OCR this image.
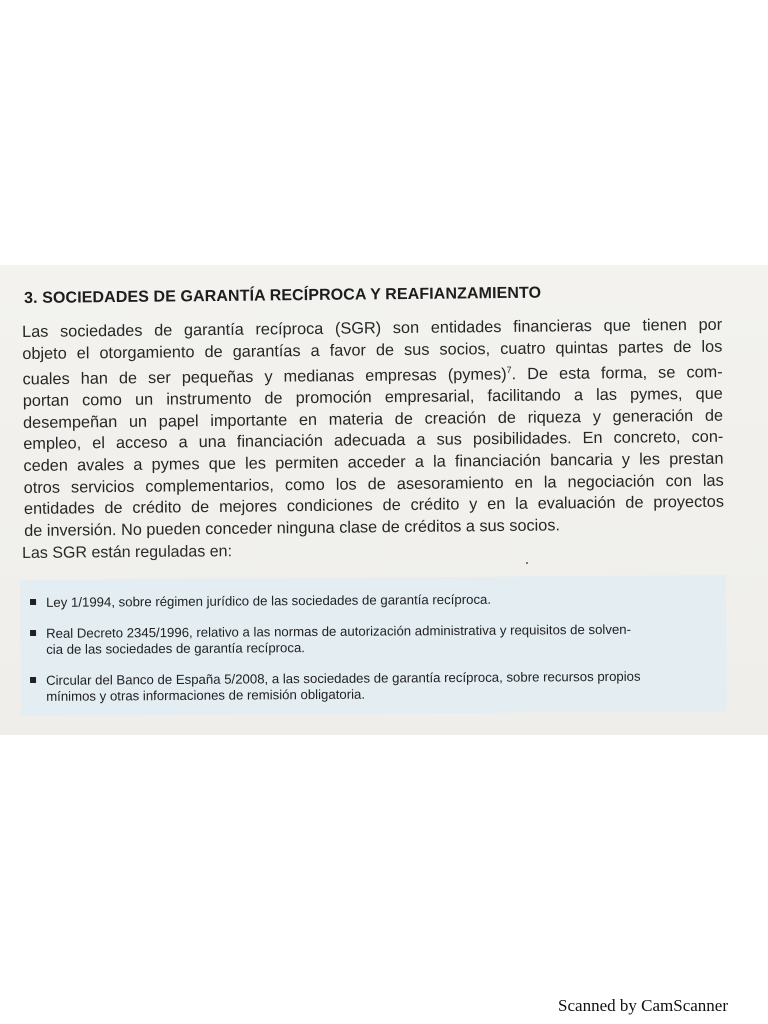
3. SOCIEDADES DE GARANTÍA RECÍPROCA Y REAFIANZAMIENTO
Las sociedades de garantía recíproca (SGR) son entidades financieras que tienen por
objeto el otorgamiento de garantías a favor de sus socios, cuatro quintas partes de los
cuales han de ser pequeñas y medianas empresas (pymes)$^7$. De esta forma, se com-
portan como un instrumento de promoción empresarial, facilitando a las pymes, que
desempeñan un papel importante en materia de creación de riqueza y generación de
empleo, el acceso a una financiación adecuada a sus posibilidades. En concreto, con-
ceden avales a pymes que les permiten acceder a la financiación bancaria y les prestan
otros servicios complementarios, como los de asesoramiento en la negociación con las
entidades de crédito de mejores condiciones de crédito y en la evaluación de proyectos
de inversión. No pueden conceder ninguna clase de créditos a sus socios.
Las SGR están reguladas en:
Ley 1/1994, sobre régimen jurídico de las sociedades de garantía recíproca.
Real Decreto 2345/1996, relativo a las normas de autorización administrativa y requisitos de solven-
cia de las sociedades de garantía recíproca.
Circular del Banco de España 5/2008, a las sociedades de garantía recíproca, sobre recursos propios
mínimos y otras informaciones de remisión obligatoria.
Scanned by CamScanner
